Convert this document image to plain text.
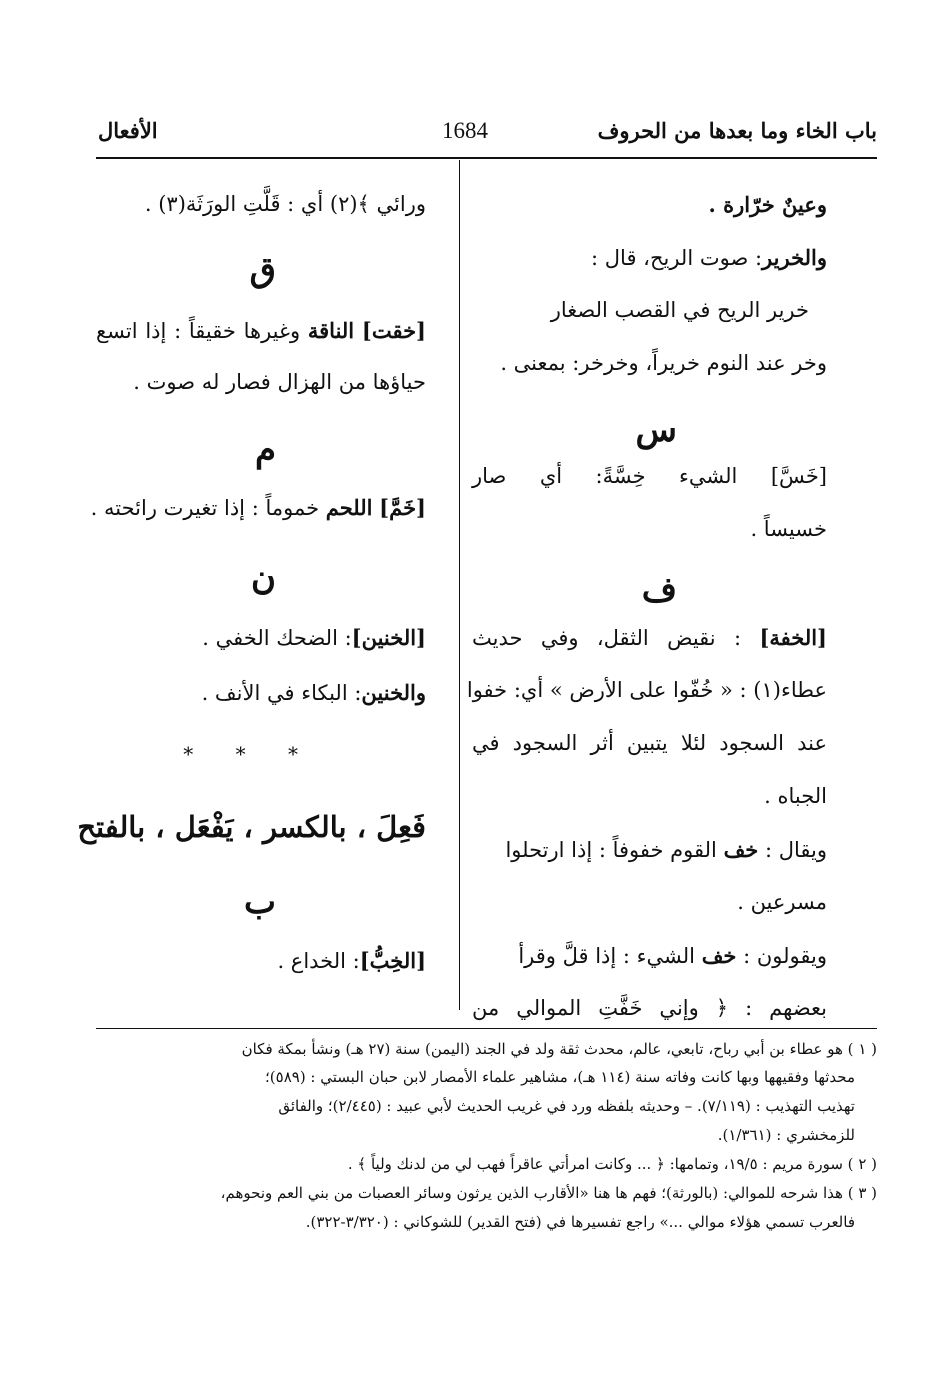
باب الخاء وما بعدها من الحروف
1684
الأفعال
وعينٌ خرّارة .
والخرير: صوت الريح، قال :
خرير الريح في القصب الصغار
وخر عند النوم خريراً، وخرخر: بمعنى .
س
[خَسَّ] الشيء خِسَّةً: أي صار
خسيساً .
ف
[الخفة] : نقيض الثقل، وفي حديث
عطاء(١) : « خُفّوا على الأرض » أي: خفوا
عند السجود لئلا يتبين أثر السجود في
الجباه .
ويقال : خف القوم خفوفاً : إذا ارتحلوا
مسرعين .
ويقولون : خف الشيء : إذا قلَّ وقرأ
بعضهم : ﴿ وإني خَفَّتِ الموالي من
ورائي ﴾(٢) أي : قَلَّتِ الورَثَة(٣) .
ق
[خقت] الناقة وغيرها خقيقاً : إذا اتسع
حياؤها من الهزال فصار له صوت .
م
[خَمَّ] اللحم خموماً : إذا تغيرت رائحته .
ن
[الخنين]: الضحك الخفي .
والخنين: البكاء في الأنف .
* * *
فَعِلَ ، بالكسر ، يَفْعَل ، بالفتح
ب
[الخِبُّ]: الخداع .
( ١ ) هو عطاء بن أبي رباح، تابعي، عالم، محدث ثقة ولد في الجند (اليمن) سنة (٢٧ هـ) ونشأ بمكة فكان
محدثها وفقيهها وبها كانت وفاته سنة (١١٤ هـ)، مشاهير علماء الأمصار لابن حبان البستي : (٥٨٩)؛
تهذيب التهذيب : (٧/١١٩). – وحديثه بلفظه ورد في غريب الحديث لأبي عبيد : (٢/٤٤٥)؛ والفائق
للزمخشري : (١/٣٦١).
( ٢ ) سورة مريم : ١٩/٥، وتمامها: ﴿ ... وكانت امرأتي عاقراً فهب لي من لدنك ولياً ﴾ .
( ٣ ) هذا شرحه للموالي: (بالورثة)؛ فهم ها هنا «الأقارب الذين يرثون وسائر العصبات من بني العم ونحوهم،
فالعرب تسمي هؤلاء موالي ...» راجع تفسيرها في (فتح القدير) للشوكاني : (٣/٣٢٠-٣٢٢).
